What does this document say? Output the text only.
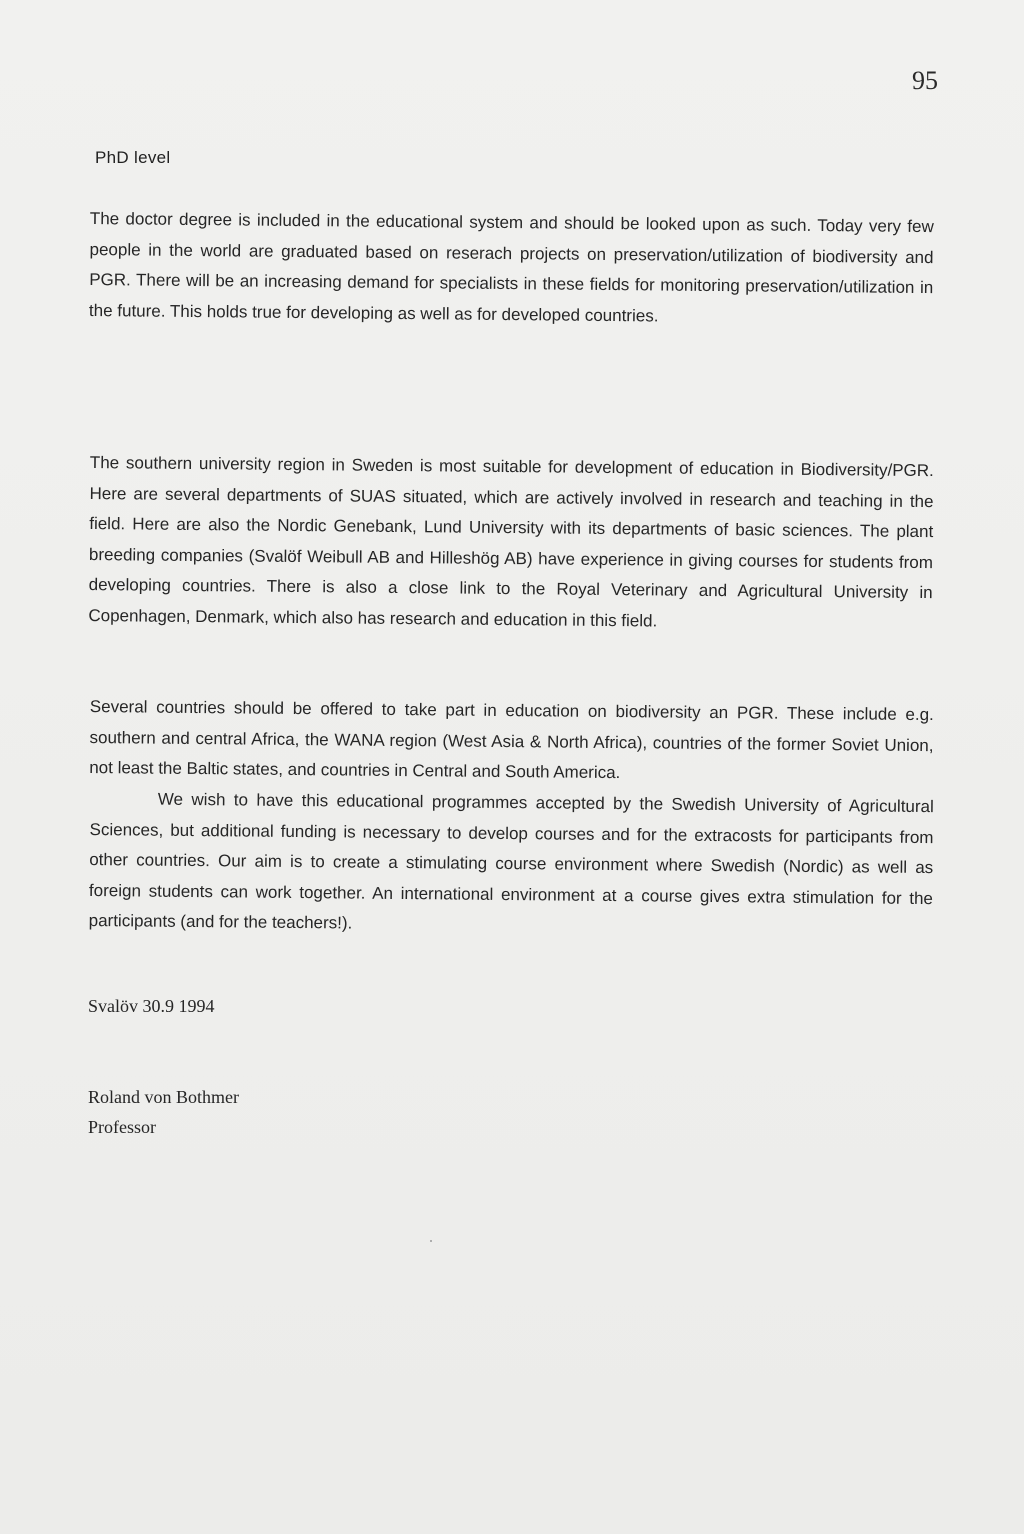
95
PhD level

The doctor degree is included in the educational system and should be looked upon as such. Today very few people in the world are graduated based on reserach projects on preservation/utilization of biodiversity and PGR. There will be an increasing demand for specialists in these fields for monitoring preservation/utilization in the future. This holds true for developing as well as for developed countries.

The southern university region in Sweden is most suitable for development of education in Biodiversity/PGR. Here are several departments of SUAS situated, which are actively involved in research and teaching in the field. Here are also the Nordic Genebank, Lund University with its departments of basic sciences. The plant breeding companies (Svalöf Weibull AB and Hilleshög AB) have experience in giving courses for students from developing countries. There is also a close link to the Royal Veterinary and Agricultural University in Copenhagen, Denmark, which also has research and education in this field.

Several countries should be offered to take part in education on biodiversity an PGR. These include e.g. southern and central Africa, the WANA region (West Asia & North Africa), countries of the former Soviet Union, not least the Baltic states, and countries in Central and South America.

We wish to have this educational programmes accepted by the Swedish University of Agricultural Sciences, but additional funding is necessary to develop courses and for the extracosts for participants from other countries. Our aim is to create a stimulating course environment where Swedish (Nordic) as well as foreign students can work together. An international environment at a course gives extra stimulation for the participants (and for the teachers!).

Svalöv 30.9 1994
Roland von Bothmer
Professor
